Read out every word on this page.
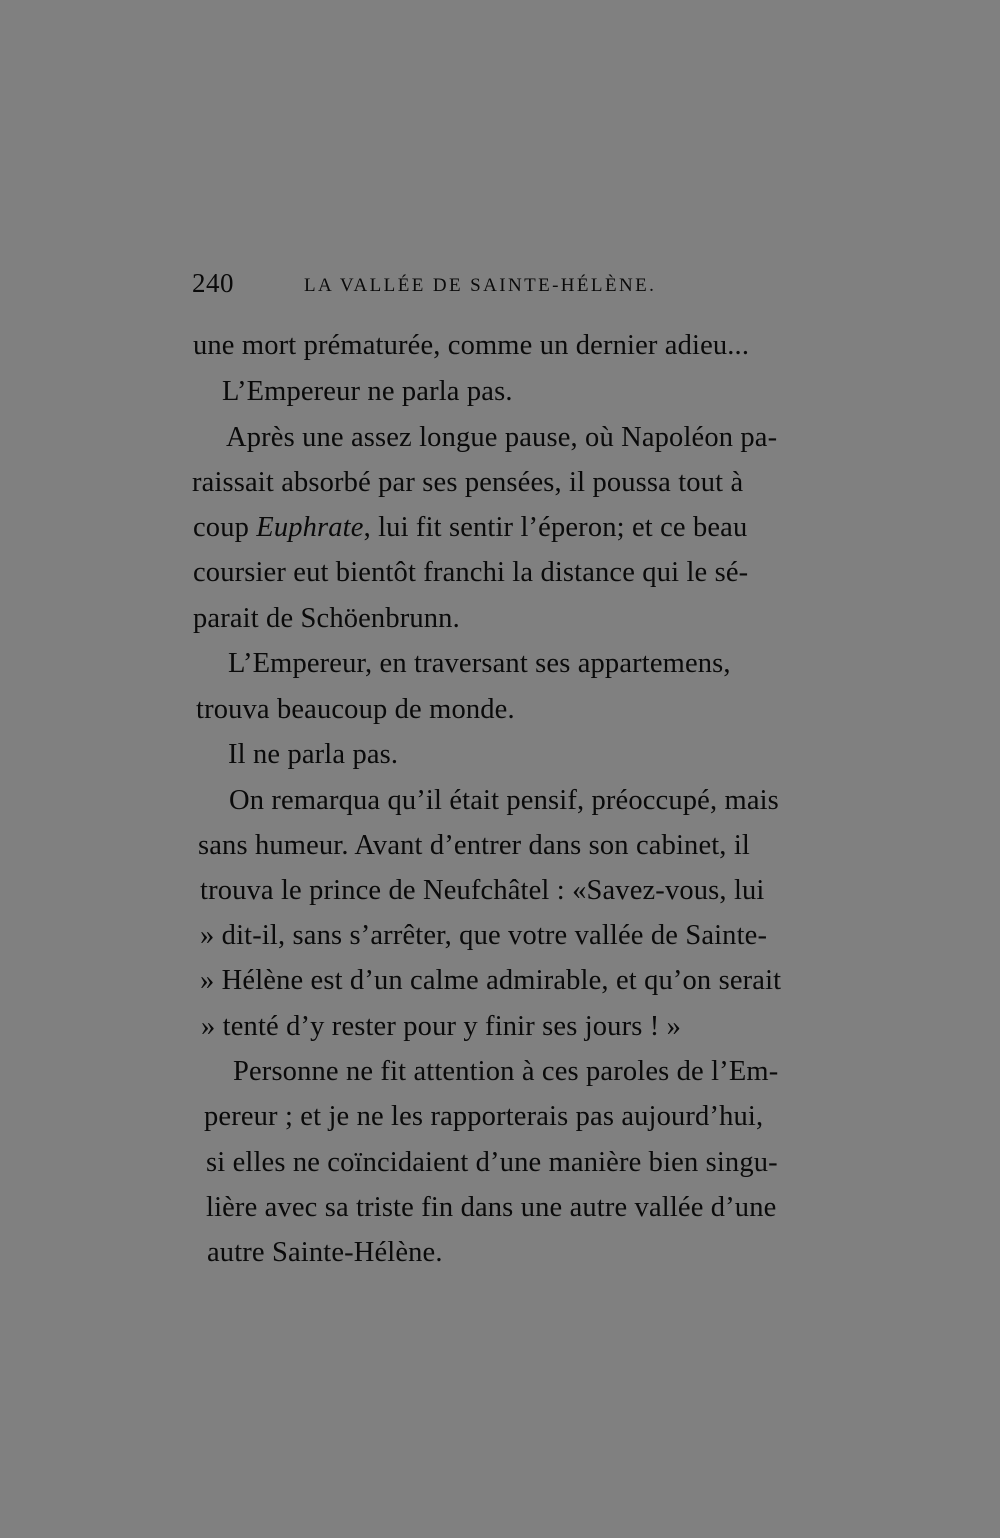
240	LA VALLÉE DE SAINTE-HÉLÈNE.
une mort prématurée, comme un dernier adieu...
L’Empereur ne parla pas.
Après une assez longue pause, où Napoléon pa-
raissait absorbé par ses pensées, il poussa tout à
coup Euphrate, lui fit sentir l’éperon; et ce beau
coursier eut bientôt franchi la distance qui le sé-
parait de Schöenbrunn.
L’Empereur, en traversant ses appartemens,
trouva beaucoup de monde.
Il ne parla pas.
On remarqua qu’il était pensif, préoccupé, mais
sans humeur. Avant d’entrer dans son cabinet, il
trouva le prince de Neufchâtel : «Savez-vous, lui
» dit-il, sans s’arrêter, que votre vallée de Sainte-
» Hélène est d’un calme admirable, et qu’on serait
» tenté d’y rester pour y finir ses jours ! »
Personne ne fit attention à ces paroles de l’Em-
pereur ; et je ne les rapporterais pas aujourd’hui,
si elles ne coïncidaient d’une manière bien singu-
lière avec sa triste fin dans une autre vallée d’une
autre Sainte-Hélène.
